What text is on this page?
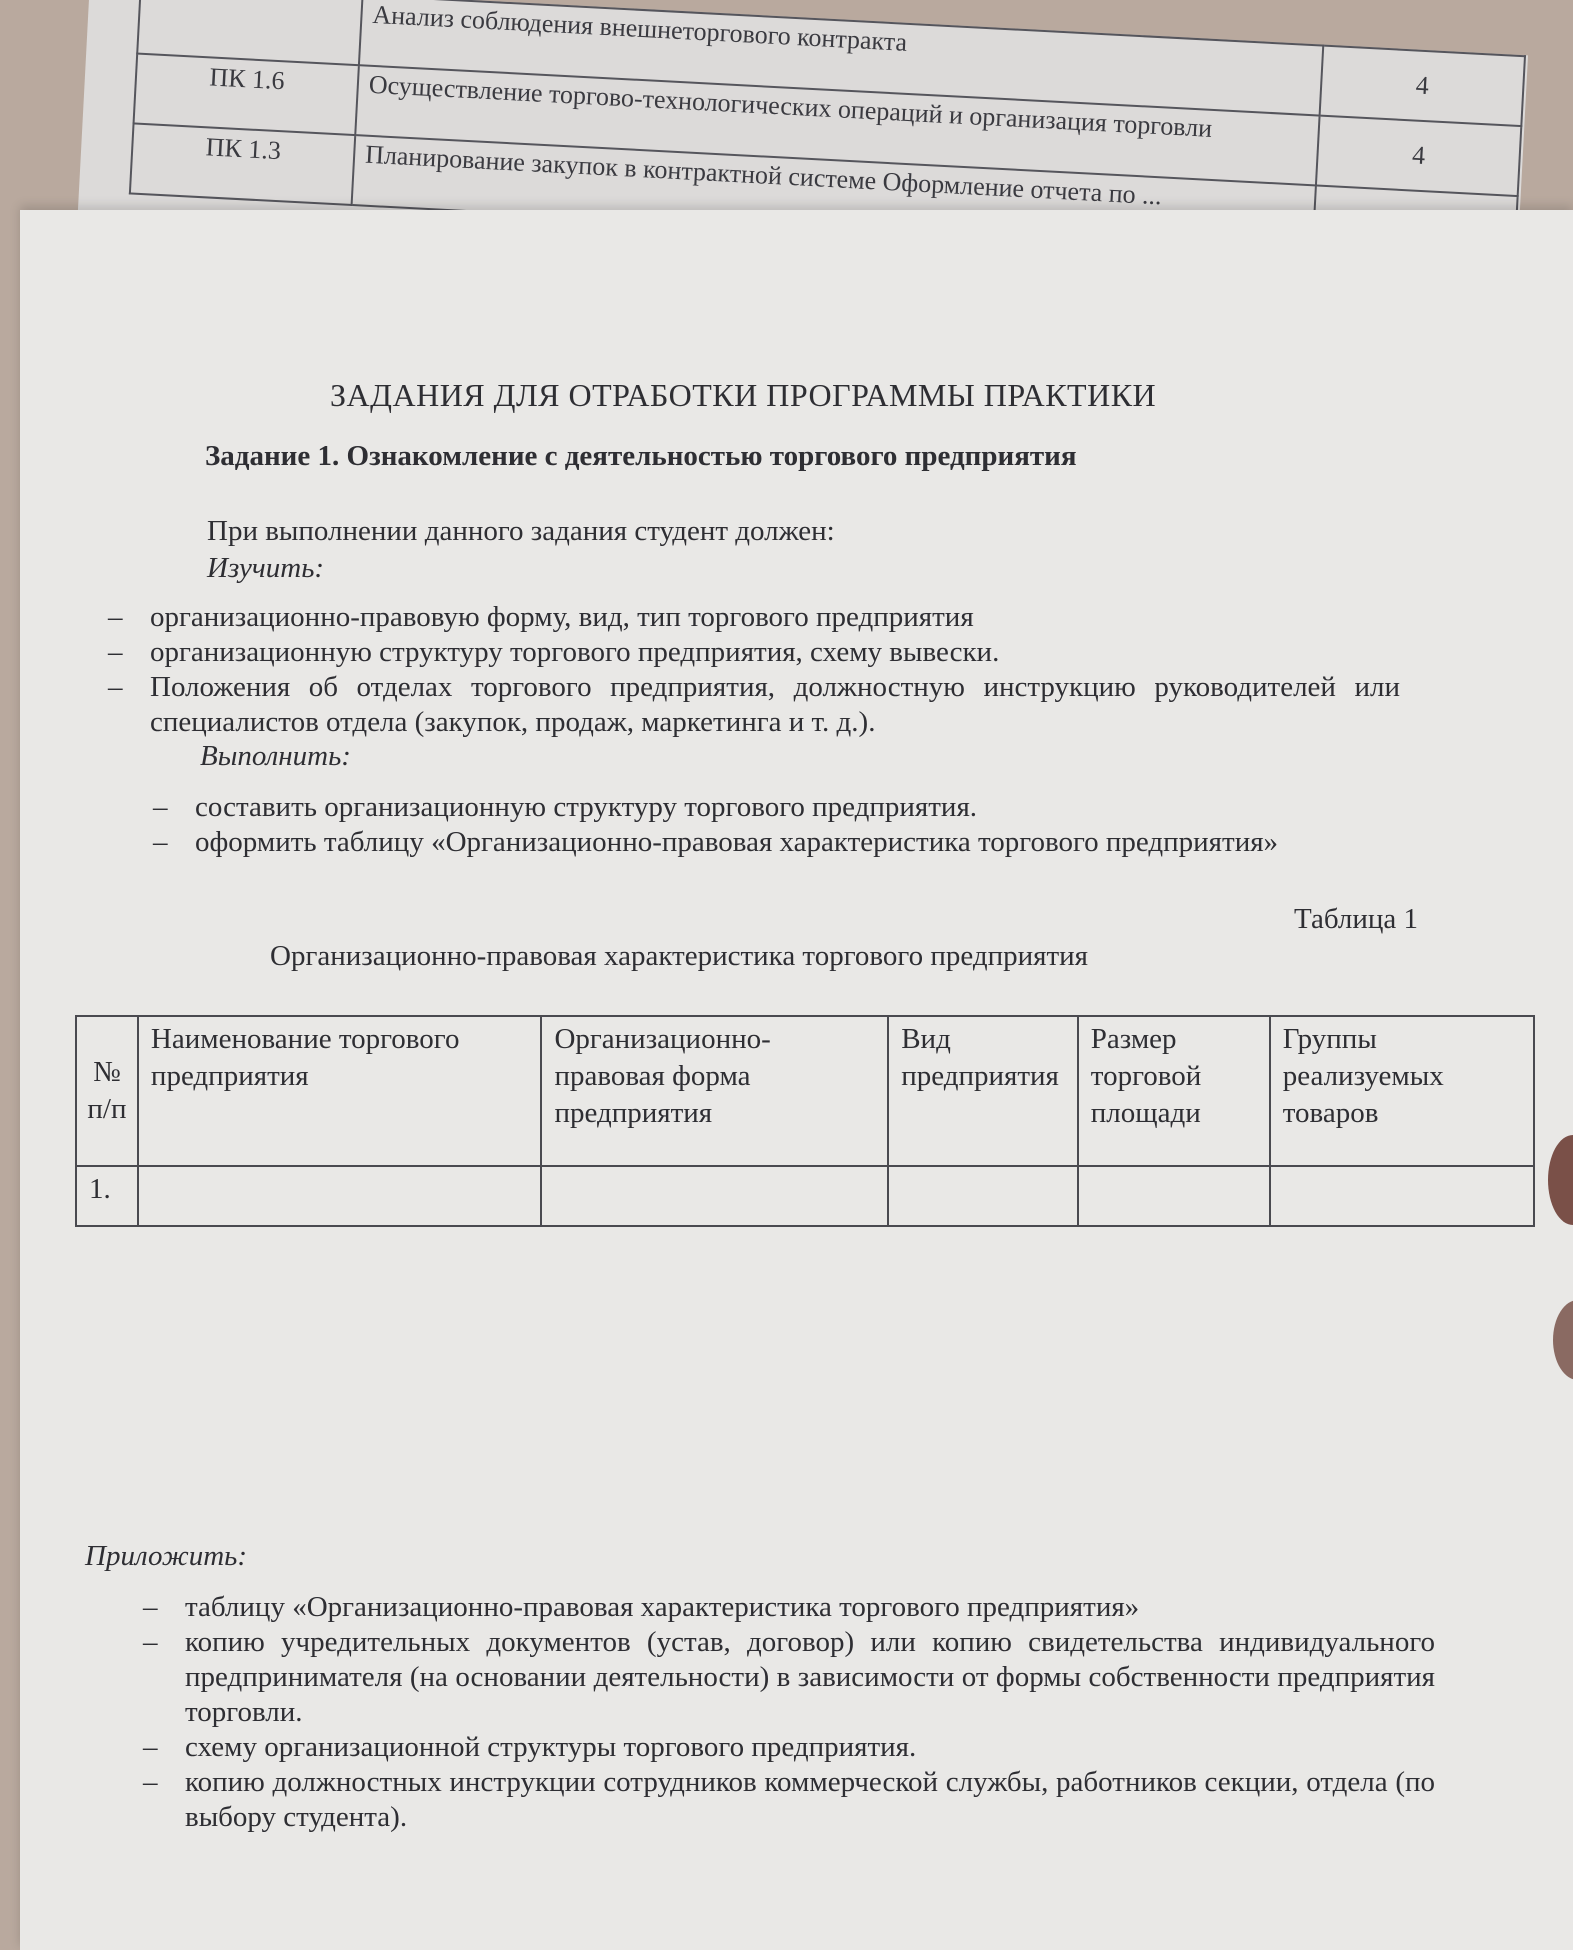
	Анализ соблюдения внешнеторгового контракта	4
ПК 1.6	Осуществление торгово-технологических операций и организация торговли	4
ПК 1.3	Планирование закупок в контрактной системе Оформление отчета по ...	

ЗАДАНИЯ ДЛЯ ОТРАБОТКИ ПРОГРАММЫ ПРАКТИКИ

Задание 1. Ознакомление с деятельностью торгового предприятия

При выполнении данного задания студент должен:

Изучить:

– организационно-правовую форму, вид, тип торгового предприятия
– организационную структуру торгового предприятия, схему вывески.
– Положения об отделах торгового предприятия, должностную инструкцию руководителей или специалистов отдела (закупок, продаж, маркетинга и т. д.).

Выполнить:

– составить организационную структуру торгового предприятия.
– оформить таблицу «Организационно-правовая характеристика торгового предприятия»

Таблица 1

Организационно-правовая характеристика торгового предприятия

№ п/п	Наименование торгового предприятия	Организационно-правовая форма предприятия	Вид предприятия	Размер торговой площади	Группы реализуемых товаров
1.					

Приложить:

– таблицу «Организационно-правовая характеристика торгового предприятия»
– копию учредительных документов (устав, договор) или копию свидетельства индивидуального предпринимателя (на основании деятельности) в зависимости от формы собственности предприятия торговли.
– схему организационной структуры торгового предприятия.
– копию должностных инструкции сотрудников коммерческой службы, работников секции, отдела (по выбору студента).
